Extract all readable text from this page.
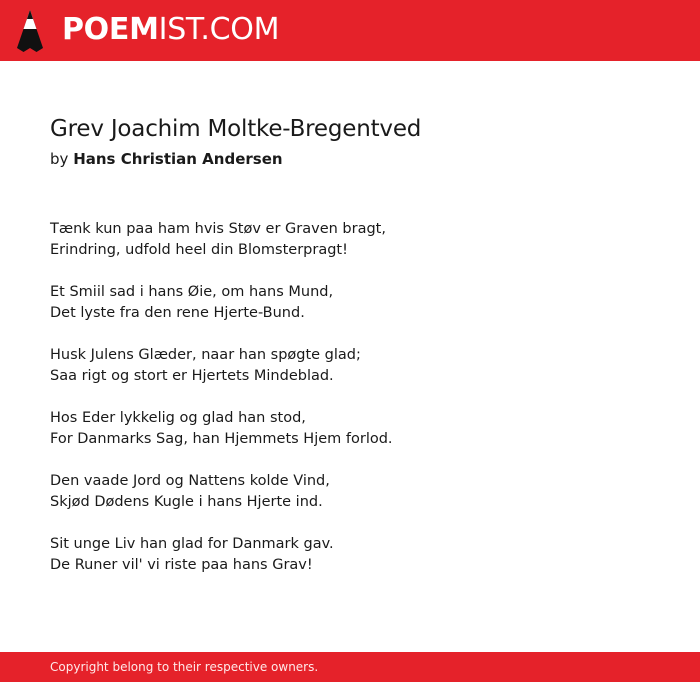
POEMIST.COM
Grev Joachim Moltke-Bregentved
by Hans Christian Andersen
Tænk kun paa ham hvis Støv er Graven bragt,
Erindring, udfold heel din Blomsterpragt!
Et Smiil sad i hans Øie, om hans Mund,
Det lyste fra den rene Hjerte-Bund.
Husk Julens Glæder, naar han spøgte glad;
Saa rigt og stort er Hjertets Mindeblad.
Hos Eder lykkelig og glad han stod,
For Danmarks Sag, han Hjemmets Hjem forlod.
Den vaade Jord og Nattens kolde Vind,
Skjød Dødens Kugle i hans Hjerte ind.
Sit unge Liv han glad for Danmark gav.
De Runer vil' vi riste paa hans Grav!
Copyright belong to their respective owners.
